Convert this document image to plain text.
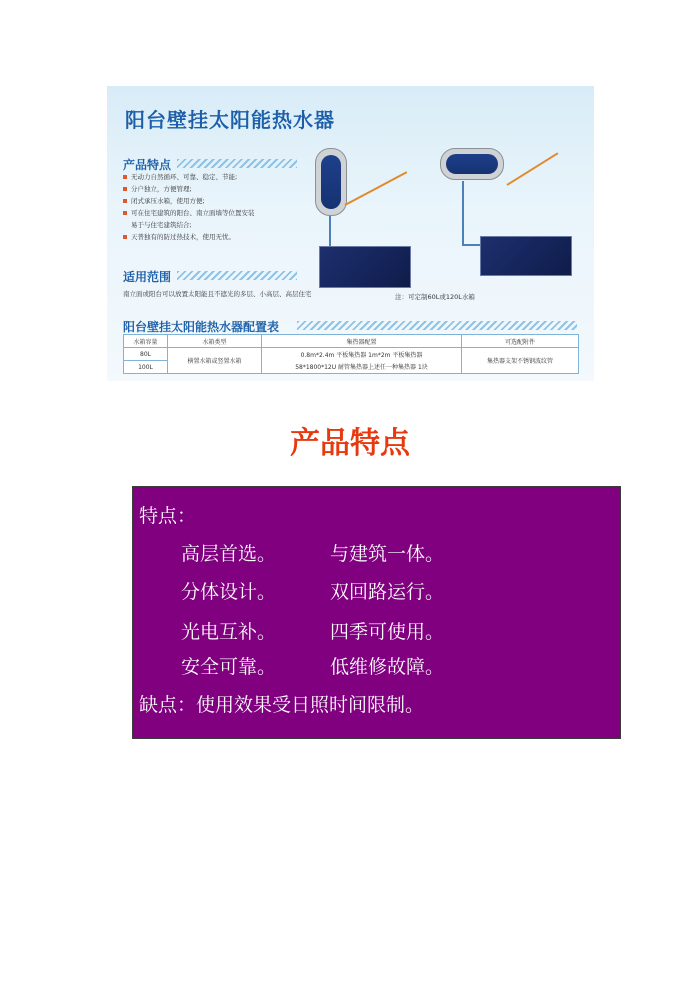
阳台壁挂太阳能热水器
产品特点
无动力自然循环、可靠、稳定、节能;
分户独立，方便管理;
闭式承压水箱，使用方便;
可在住宅建筑的阳台、南立面墙等位置安装
易于与住宅建筑结合;
天普独有的防过热技术，使用无忧。
适用范围
南立面或阳台可以放置太阳能且不遮光的多层、小高层、高层住宅	注：可定制60L或120L水箱
阳台壁挂太阳能热水器配置表
水箱容量	水箱类型	集热器配置	可选配附件
80L	横置水箱或竖置水箱	0.8m*2.4m 平板集热器 1m*2m 平板集热器	集热器支架不锈钢波纹管
100L		58*1800*12U 耐管集热器上述任一种集热器 1块	
产品特点
特点：
高层首选。	与建筑一体。
分体设计。	双回路运行。
光电互补。	四季可使用。
安全可靠。	低维修故障。
缺点：使用效果受日照时间限制。
